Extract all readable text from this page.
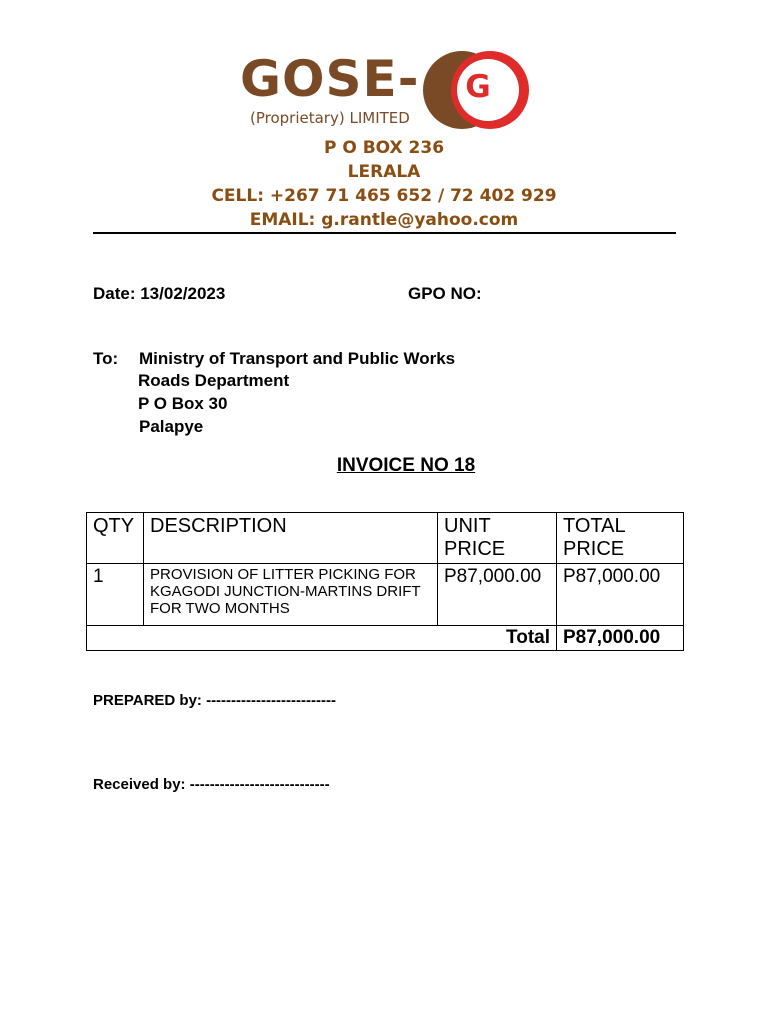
GOSE- G
(Proprietary) LIMITED
P O BOX 236
LERALA
CELL: +267 71 465 652 / 72 402 929
EMAIL: g.rantle@yahoo.com
Date: 13/02/2023	GPO NO:
To: Ministry of Transport and Public Works
Roads Department
P O Box 30
Palapye
INVOICE NO 18
QTY	DESCRIPTION	UNIT PRICE	TOTAL PRICE
1	PROVISION OF LITTER PICKING FOR KGAGODI JUNCTION-MARTINS DRIFT FOR TWO MONTHS	P87,000.00	P87,000.00
Total			P87,000.00
PREPARED by: --------------------------
Received by: ----------------------------
